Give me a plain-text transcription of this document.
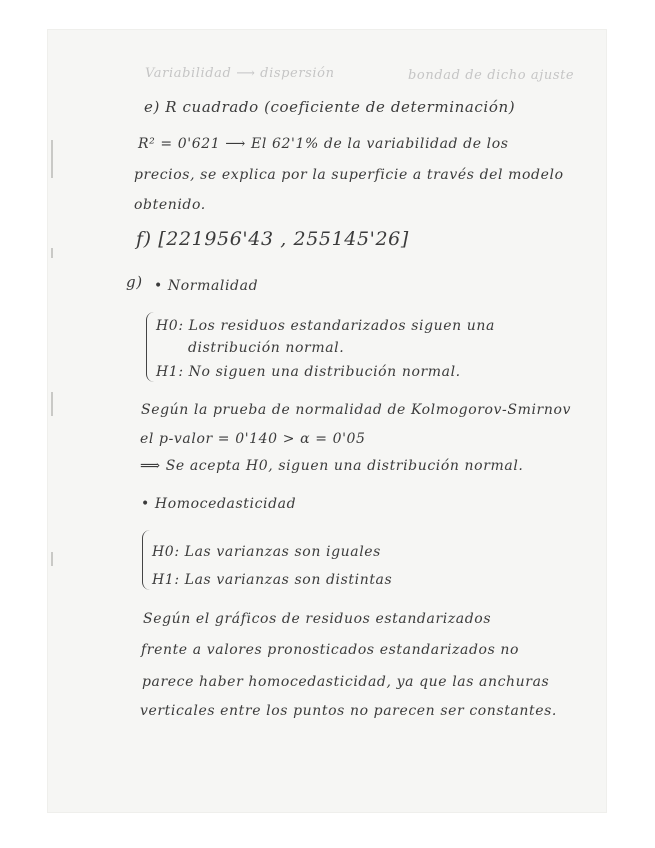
Variabilidad ⟶ dispersión	bondad de dicho ajuste
e) R cuadrado (coeficiente de determinación)
R² = 0'621 ⟶ El 62'1% de la variabilidad de los
precios, se explica por la superficie a través del modelo
obtenido.
f) [221956'43 , 255145'26]
g) • Normalidad
H0: Los residuos estandarizados siguen una
distribución normal.
H1: No siguen una distribución normal.
Según la prueba de normalidad de Kolmogorov-Smirnov
el p-valor = 0'140 > α = 0'05
⟹ Se acepta H0, siguen una distribución normal.
• Homocedasticidad
H0: Las varianzas son iguales
H1: Las varianzas son distintas
Según el gráficos de residuos estandarizados
frente a valores pronosticados estandarizados no
parece haber homocedasticidad, ya que las anchuras
verticales entre los puntos no parecen ser constantes.
